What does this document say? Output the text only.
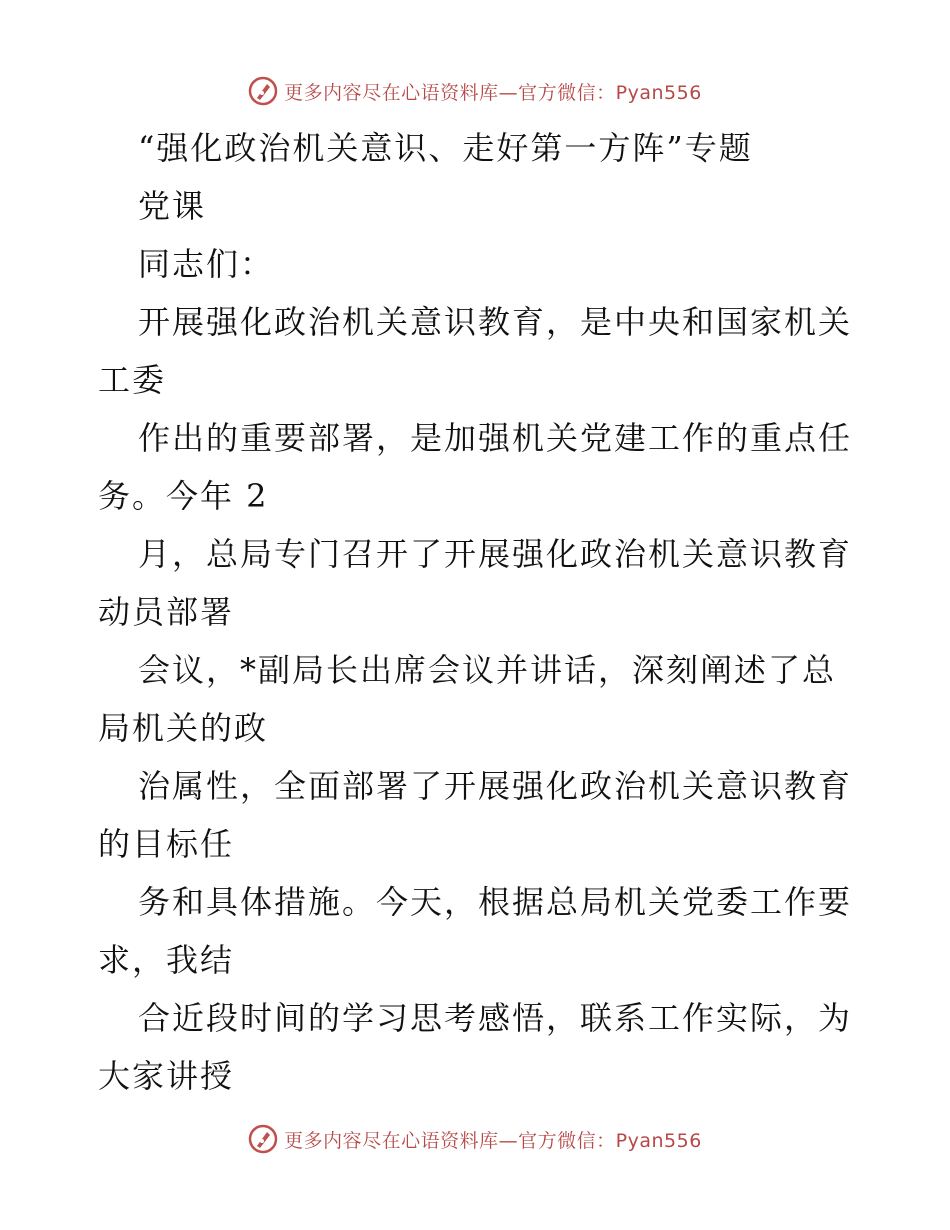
更多内容尽在心语资料库—官方微信：Pyan556
“强化政治机关意识、走好第一方阵”专题
党课
同志们：
开展强化政治机关意识教育，是中央和国家机关
工委
作出的重要部署，是加强机关党建工作的重点任
务。今年 2
月，总局专门召开了开展强化政治机关意识教育
动员部署
会议，*副局长出席会议并讲话，深刻阐述了总
局机关的政
治属性，全面部署了开展强化政治机关意识教育
的目标任
务和具体措施。今天，根据总局机关党委工作要
求，我结
合近段时间的学习思考感悟，联系工作实际，为
大家讲授
更多内容尽在心语资料库—官方微信：Pyan556
